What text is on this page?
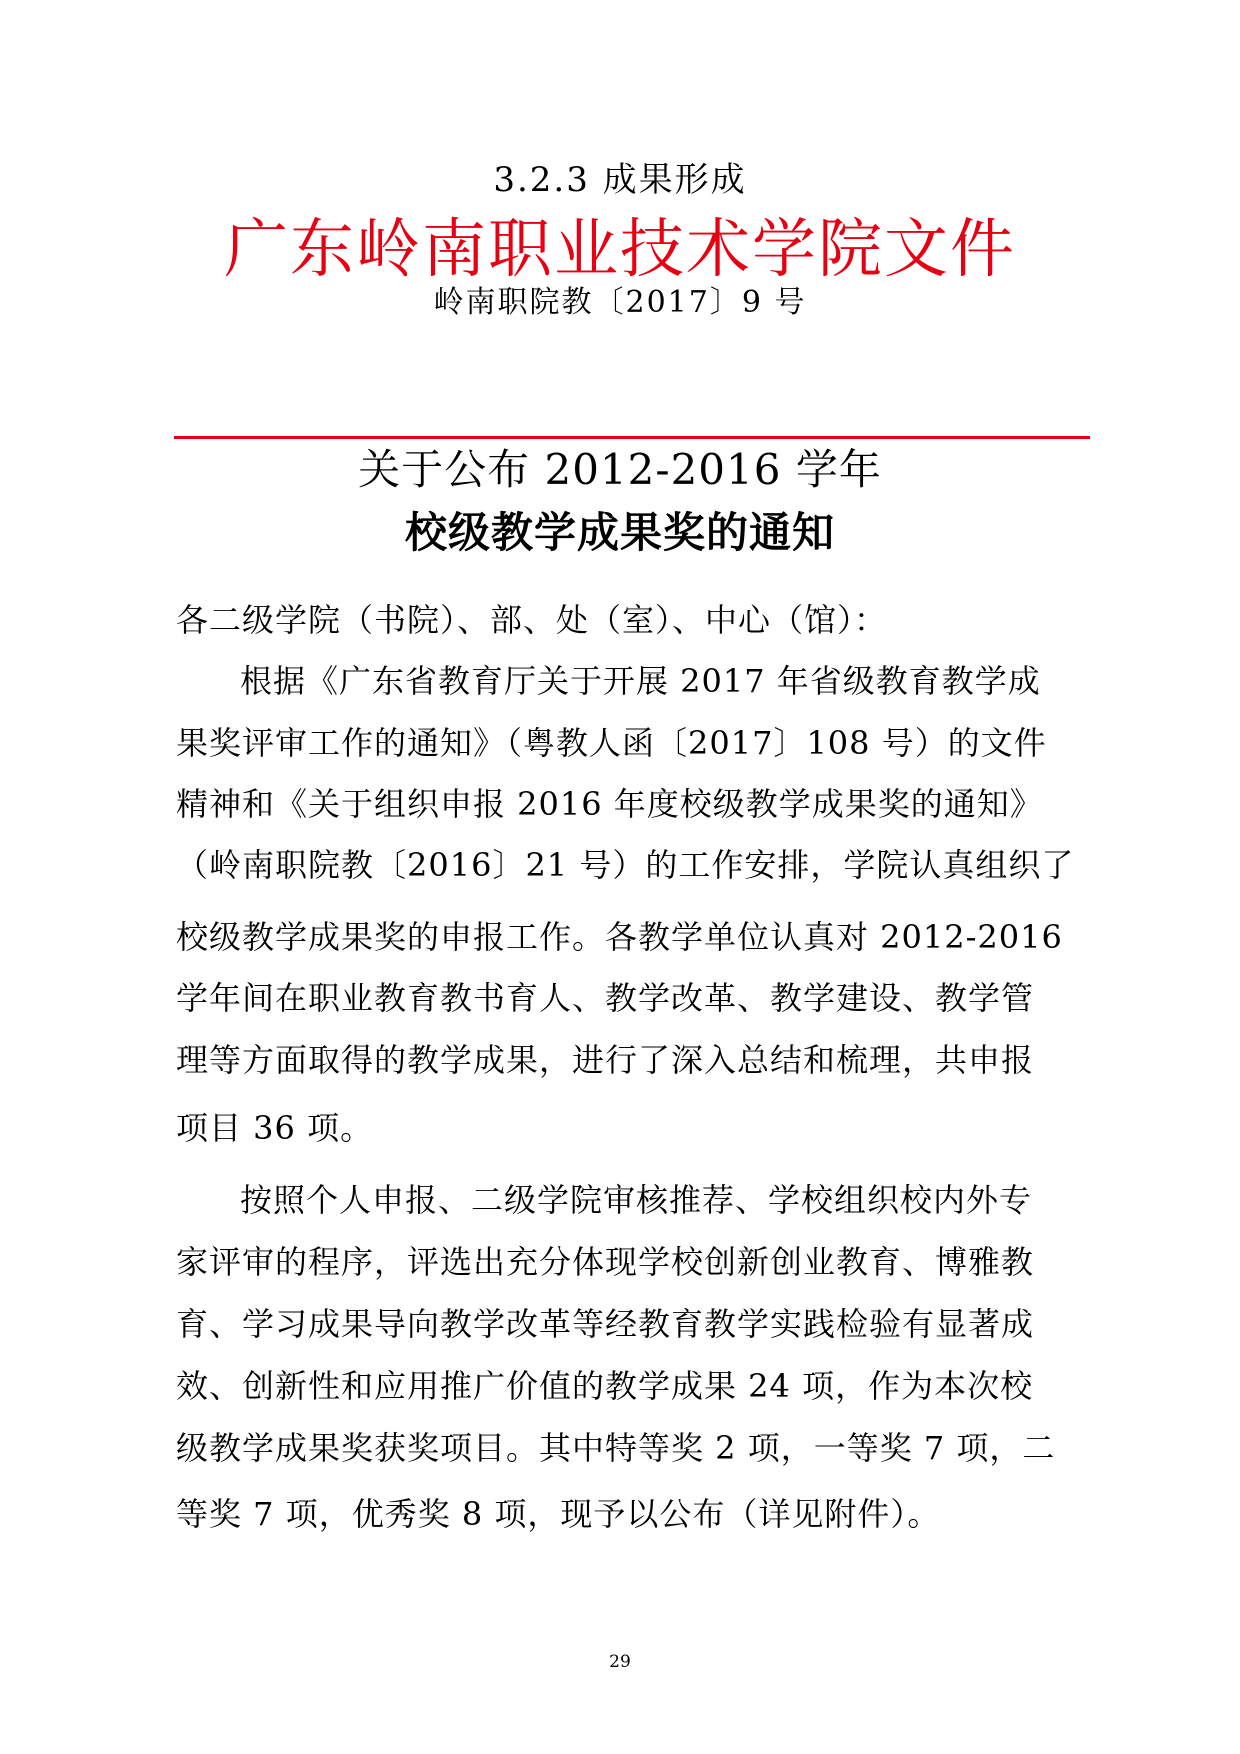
3.2.3 成果形成
广东岭南职业技术学院文件
岭南职院教〔2017〕9 号
关于公布 2012-2016 学年
校级教学成果奖的通知
各二级学院（书院）、部、处（室）、中心（馆）：
根据《广东省教育厅关于开展 2017 年省级教育教学成
果奖评审工作的通知》（粤教人函〔2017〕108 号）的文件
精神和《关于组织申报 2016 年度校级教学成果奖的通知》
（岭南职院教〔2016〕21 号）的工作安排，学院认真组织了
校级教学成果奖的申报工作。各教学单位认真对 2012-2016
学年间在职业教育教书育人、教学改革、教学建设、教学管
理等方面取得的教学成果，进行了深入总结和梳理，共申报
项目 36 项。
按照个人申报、二级学院审核推荐、学校组织校内外专
家评审的程序，评选出充分体现学校创新创业教育、博雅教
育、学习成果导向教学改革等经教育教学实践检验有显著成
效、创新性和应用推广价值的教学成果 24 项，作为本次校
级教学成果奖获奖项目。其中特等奖 2 项，一等奖 7 项，二
等奖 7 项，优秀奖 8 项，现予以公布（详见附件）。
29
